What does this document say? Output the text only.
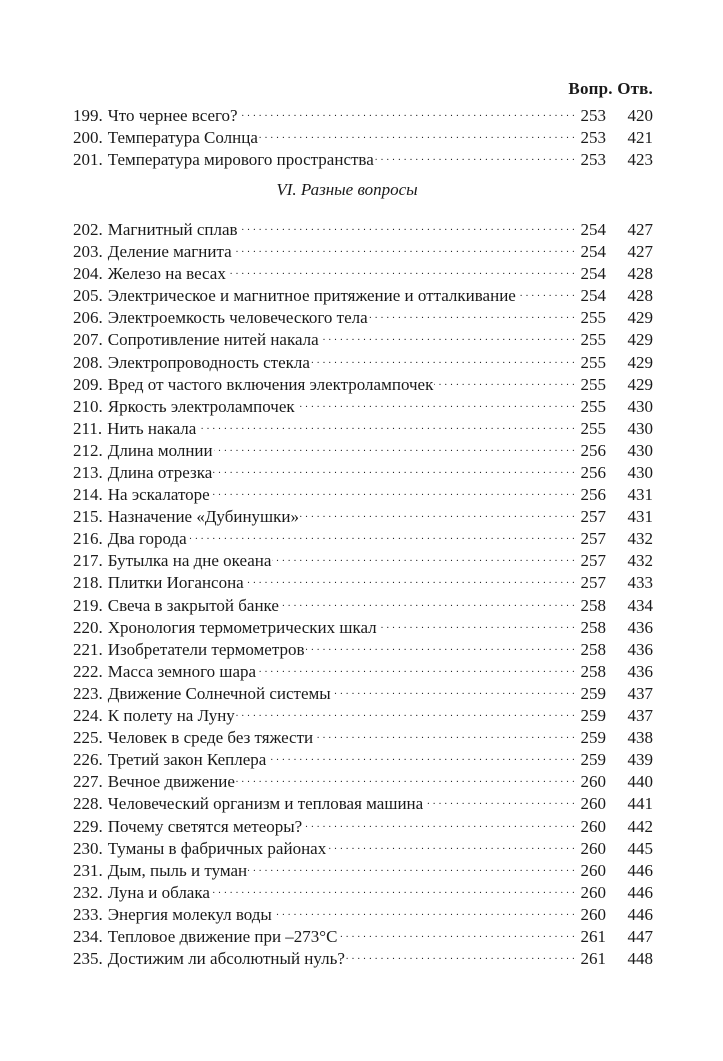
Вопр. Отв.
199. Что чернее всего? . . .	253	420
200. Температура Солнца . . .	253	421
201. Температура мирового пространства . . .	253	423
VI. Разные вопросы
202. Магнитный сплав . . .	254	427
203. Деление магнита . . .	254	427
204. Железо на весах . . .	254	428
205. Электрическое и магнитное притяжение и отталкивание . . .	254	428
206. Электроемкость человеческого тела . . .	255	429
207. Сопротивление нитей накала . . .	255	429
208. Электропроводность стекла . . .	255	429
209. Вред от частого включения электролампочек . . .	255	429
210. Яркость электролампочек . . .	255	430
211. Нить накала . . .	255	430
212. Длина молнии . . .	256	430
213. Длина отрезка . . .	256	430
214. На эскалаторе . . .	256	431
215. Назначение «Дубинушки» . . .	257	431
216. Два города . . .	257	432
217. Бутылка на дне океана . . .	257	432
218. Плитки Иогансона . . .	257	433
219. Свеча в закрытой банке . . .	258	434
220. Хронология термометрических шкал . . .	258	436
221. Изобретатели термометров . . .	258	436
222. Масса земного шара . . .	258	436
223. Движение Солнечной системы . . .	259	437
224. К полету на Луну . . .	259	437
225. Человек в среде без тяжести . . .	259	438
226. Третий закон Кеплера . . .	259	439
227. Вечное движение . . .	260	440
228. Человеческий организм и тепловая машина . . .	260	441
229. Почему светятся метеоры? . . .	260	442
230. Туманы в фабричных районах . . .	260	445
231. Дым, пыль и туман . . .	260	446
232. Луна и облака . . .	260	446
233. Энергия молекул воды . . .	260	446
234. Тепловое движение при –273°C . . .	261	447
235. Достижим ли абсолютный нуль? . . .	261	448
